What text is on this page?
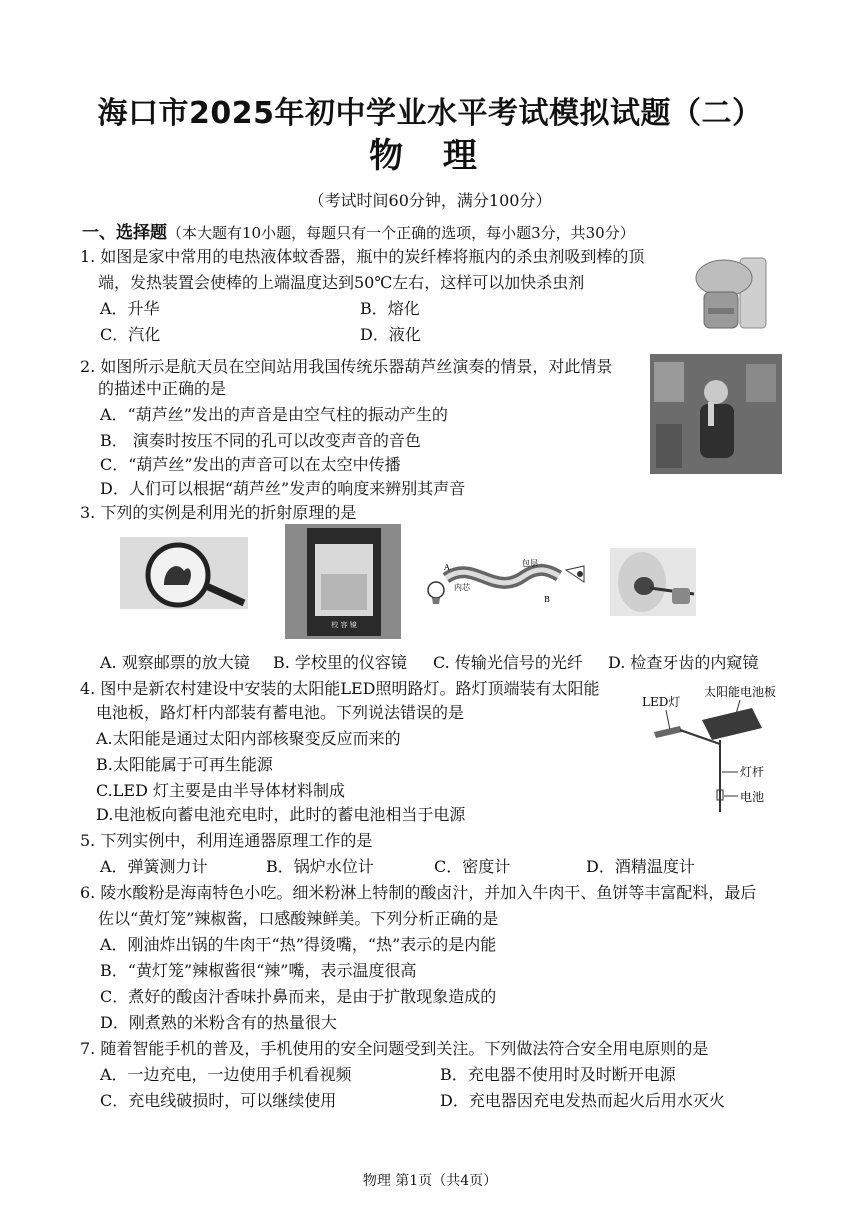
海口市2025年初中学业水平考试模拟试题（二）
物 理
（考试时间60分钟，满分100分）
一、选择题（本大题有10小题，每题只有一个正确的选项，每小题3分，共30分）
1. 如图是家中常用的电热液体蚊香器，瓶中的炭纤棒将瓶内的杀虫剂吸到棒的顶
端，发热装置会使棒的上端温度达到50℃左右，这样可以加快杀虫剂
A．升华	B．熔化
C．汽化	D．液化
2. 如图所示是航天员在空间站用我国传统乐器葫芦丝演奏的情景，对此情景
的描述中正确的是
A．“葫芦丝”发出的声音是由空气柱的振动产生的
B． 演奏时按压不同的孔可以改变声音的音色
C．“葫芦丝”发出的声音可以在太空中传播
D．人们可以根据“葫芦丝”发声的响度来辨别其声音
3. 下列的实例是利用光的折射原理的是
校 容 镜
A
内芯
包层
B
A. 观察邮票的放大镜 B. 学校里的仪容镜 C. 传输光信号的光纤 D. 检查牙齿的内窥镜
4. 图中是新农村建设中安装的太阳能LED照明路灯。路灯顶端装有太阳能
电池板，路灯杆内部装有蓄电池。下列说法错误的是
A.太阳能是通过太阳内部核聚变反应而来的
B.太阳能属于可再生能源
C.LED 灯主要是由半导体材料制成
D.电池板向蓄电池充电时，此时的蓄电池相当于电源
LED灯
太阳能电池板
灯杆
电池
5. 下列实例中，利用连通器原理工作的是
A．弹簧测力计	B．锅炉水位计	C．密度计	D．酒精温度计
6. 陵水酸粉是海南特色小吃。细米粉淋上特制的酸卤汁，并加入牛肉干、鱼饼等丰富配料，最后
佐以“黄灯笼”辣椒酱，口感酸辣鲜美。下列分析正确的是
A．刚油炸出锅的牛肉干“热”得烫嘴，“热”表示的是内能
B．“黄灯笼”辣椒酱很“辣”嘴，表示温度很高
C．煮好的酸卤汁香味扑鼻而来，是由于扩散现象造成的
D．刚煮熟的米粉含有的热量很大
7. 随着智能手机的普及，手机使用的安全问题受到关注。下列做法符合安全用电原则的是
A．一边充电，一边使用手机看视频	B．充电器不使用时及时断开电源
C．充电线破损时，可以继续使用	D．充电器因充电发热而起火后用水灭火
物理 第1页（共4页）
